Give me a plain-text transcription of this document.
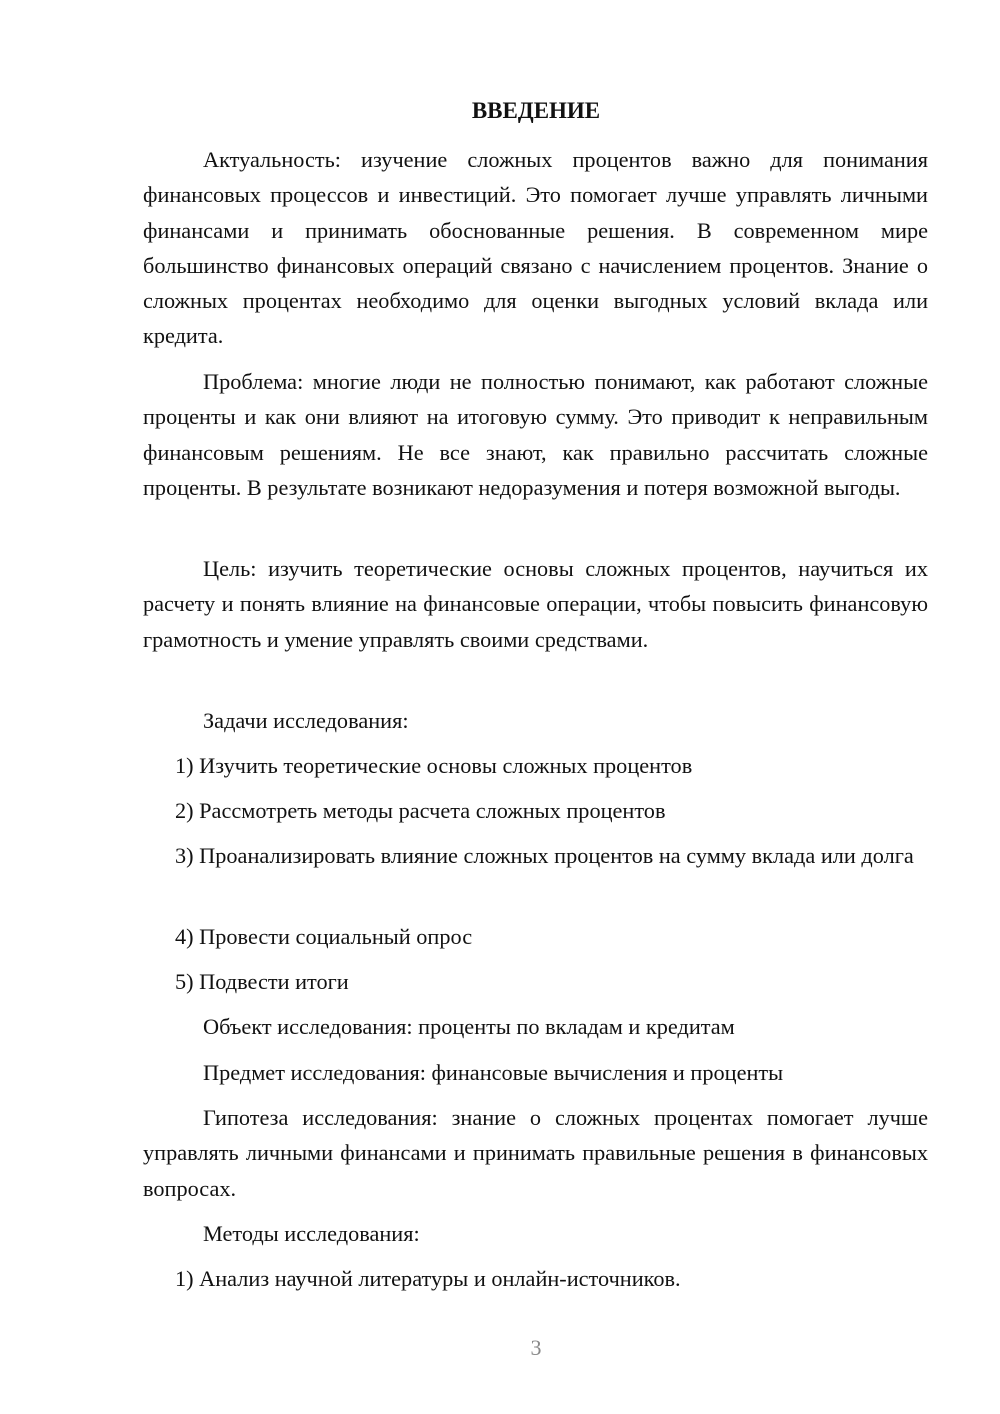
ВВЕДЕНИЕ

Актуальность: изучение сложных процентов важно для понимания финансовых процессов и инвестиций. Это помогает лучше управлять личными финансами и принимать обоснованные решения. В современном мире большинство финансовых операций связано с начислением процентов. Знание о сложных процентах необходимо для оценки выгодных условий вклада или кредита.

Проблема: многие люди не полностью понимают, как работают сложные проценты и как они влияют на итоговую сумму. Это приводит к неправильным финансовым решениям. Не все знают, как правильно рассчитать сложные проценты. В результате возникают недоразумения и потеря возможной выгоды.

Цель: изучить теоретические основы сложных процентов, научиться их расчету и понять влияние на финансовые операции, чтобы повысить финансовую грамотность и умение управлять своими средствами.

Задачи исследования:

1) Изучить теоретические основы сложных процентов

2) Рассмотреть методы расчета сложных процентов

3) Проанализировать влияние сложных процентов на сумму вклада или долга

4) Провести социальный опрос

5) Подвести итоги

Объект исследования: проценты по вкладам и кредитам

Предмет исследования: финансовые вычисления и проценты

Гипотеза исследования: знание о сложных процентах помогает лучше управлять личными финансами и принимать правильные решения в финансовых вопросах.

Методы исследования:

1) Анализ научной литературы и онлайн-источников.

3
